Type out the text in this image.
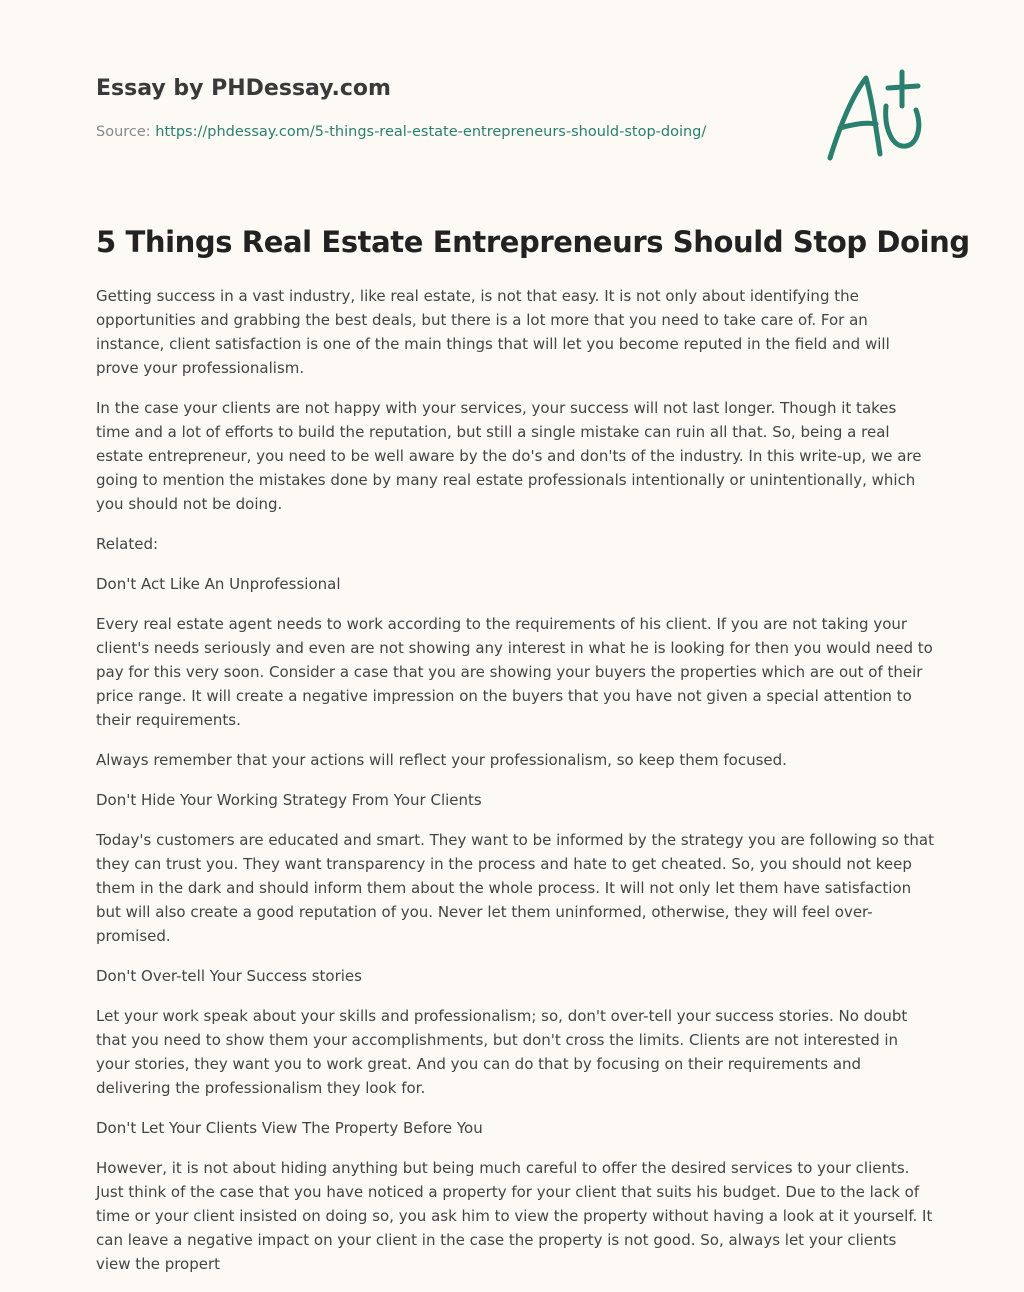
Essay by PHDessay.com
Source: https://phdessay.com/5-things-real-estate-entrepreneurs-should-stop-doing/
5 Things Real Estate Entrepreneurs Should Stop Doing

Getting success in a vast industry, like real estate, is not that easy. It is not only about identifying the opportunities and grabbing the best deals, but there is a lot more that you need to take care of. For an instance, client satisfaction is one of the main things that will let you become reputed in the field and will prove your professionalism.

In the case your clients are not happy with your services, your success will not last longer. Though it takes time and a lot of efforts to build the reputation, but still a single mistake can ruin all that. So, being a real estate entrepreneur, you need to be well aware by the do's and don'ts of the industry. In this write-up, we are going to mention the mistakes done by many real estate professionals intentionally or unintentionally, which you should not be doing.

Related:

Don't Act Like An Unprofessional

Every real estate agent needs to work according to the requirements of his client. If you are not taking your client's needs seriously and even are not showing any interest in what he is looking for then you would need to pay for this very soon. Consider a case that you are showing your buyers the properties which are out of their price range. It will create a negative impression on the buyers that you have not given a special attention to their requirements.

Always remember that your actions will reflect your professionalism, so keep them focused.

Don't Hide Your Working Strategy From Your Clients

Today's customers are educated and smart. They want to be informed by the strategy you are following so that they can trust you. They want transparency in the process and hate to get cheated. So, you should not keep them in the dark and should inform them about the whole process. It will not only let them have satisfaction but will also create a good reputation of you. Never let them uninformed, otherwise, they will feel over-promised.

Don't Over-tell Your Success stories

Let your work speak about your skills and professionalism; so, don't over-tell your success stories. No doubt that you need to show them your accomplishments, but don't cross the limits. Clients are not interested in your stories, they want you to work great. And you can do that by focusing on their requirements and delivering the professionalism they look for.

Don't Let Your Clients View The Property Before You

However, it is not about hiding anything but being much careful to offer the desired services to your clients. Just think of the case that you have noticed a property for your client that suits his budget. Due to the lack of time or your client insisted on doing so, you ask him to view the property without having a look at it yourself. It can leave a negative impact on your client in the case the property is not good. So, always let your clients view the propert
